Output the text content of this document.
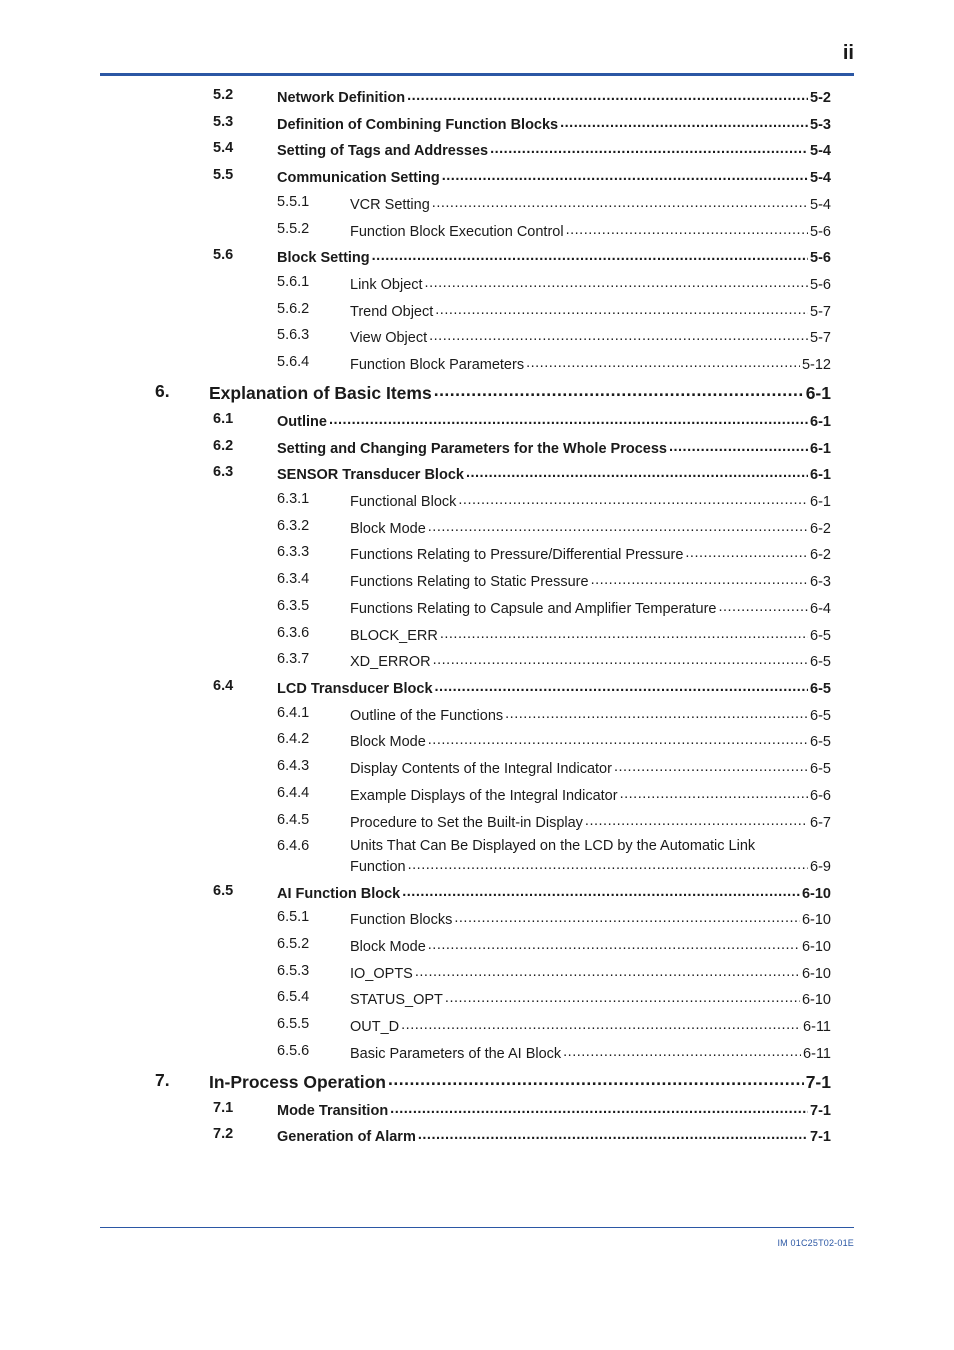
ii
5.2	Network Definition .....	5-2
5.3	Definition of Combining Function Blocks .....	5-3
5.4	Setting of Tags and Addresses .....	5-4
5.5	Communication Setting .....	5-4
5.5.1	VCR Setting .....	5-4
5.5.2	Function Block Execution Control .....	5-6
5.6	Block Setting .....	5-6
5.6.1	Link Object .....	5-6
5.6.2	Trend Object .....	5-7
5.6.3	View Object .....	5-7
5.6.4	Function Block Parameters .....	5-12
6. Explanation of Basic Items .....	6-1
6.1	Outline .....	6-1
6.2	Setting and Changing Parameters for the Whole Process .....	6-1
6.3	SENSOR Transducer Block .....	6-1
6.3.1	Functional Block .....	6-1
6.3.2	Block Mode .....	6-2
6.3.3	Functions Relating to Pressure/Differential Pressure .....	6-2
6.3.4	Functions Relating to Static Pressure .....	6-3
6.3.5	Functions Relating to Capsule and Amplifier Temperature .....	6-4
6.3.6	BLOCK_ERR .....	6-5
6.3.7	XD_ERROR .....	6-5
6.4	LCD Transducer Block .....	6-5
6.4.1	Outline of the Functions .....	6-5
6.4.2	Block Mode .....	6-5
6.4.3	Display Contents of the Integral Indicator .....	6-5
6.4.4	Example Displays of the Integral Indicator .....	6-6
6.4.5	Procedure to Set the Built-in Display .....	6-7
6.4.6	Units That Can Be Displayed on the LCD by the Automatic Link
Function .....	6-9
6.5	AI Function Block .....	6-10
6.5.1	Function Blocks .....	6-10
6.5.2	Block Mode .....	6-10
6.5.3	IO_OPTS .....	6-10
6.5.4	STATUS_OPT .....	6-10
6.5.5	OUT_D .....	6-11
6.5.6	Basic Parameters of the AI Block .....	6-11
7. In-Process Operation .....	7-1
7.1	Mode Transition .....	7-1
7.2	Generation of Alarm .....	7-1
IM 01C25T02-01E
